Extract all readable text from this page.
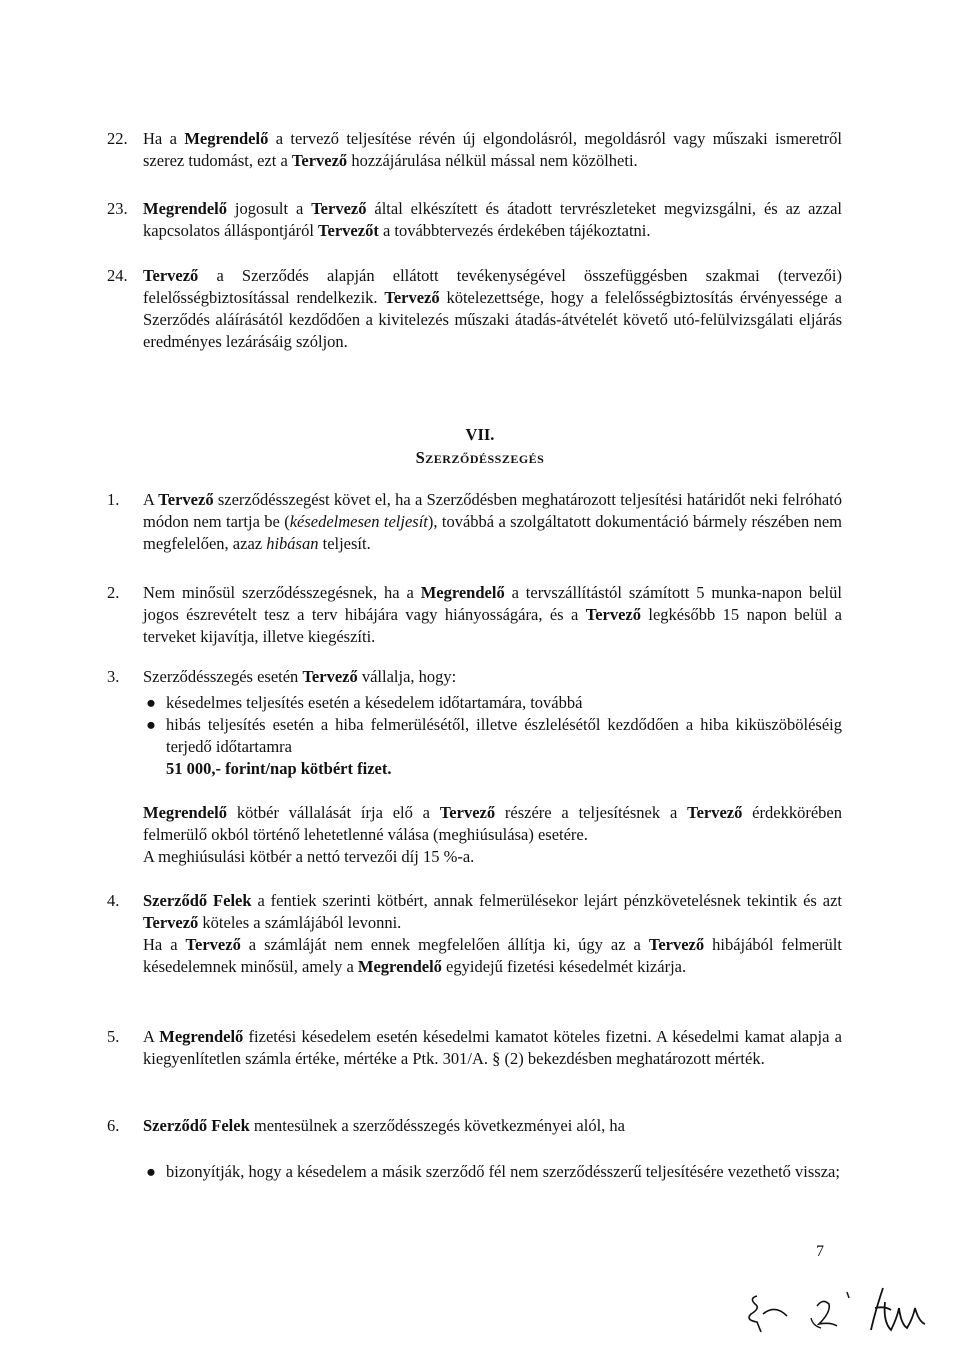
22. Ha a Megrendelő a tervező teljesítése révén új elgondolásról, megoldásról vagy műszaki ismeretről szerez tudomást, ezt a Tervező hozzájárulása nélkül mással nem közölheti.
23. Megrendelő jogosult a Tervező által elkészített és átadott tervrészleteket megvizsgálni, és az azzal kapcsolatos álláspontjáról Tervezőt a továbbtervezés érdekében tájékoztatni.
24. Tervező a Szerződés alapján ellátott tevékenységével összefüggésben szakmai (tervezői) felelősségbiztosítással rendelkezik. Tervező kötelezettsége, hogy a felelősségbiztosítás érvényessége a Szerződés aláírásától kezdődően a kivitelezés műszaki átadás-átvételét követő utó-felülvizsgálati eljárás eredményes lezárásáig szóljon.
VII.
Szerződésszegés
1. A Tervező szerződésszegést követ el, ha a Szerződésben meghatározott teljesítési határidőt neki felróható módon nem tartja be (késedelmesen teljesít), továbbá a szolgáltatott dokumentáció bármely részében nem megfelelően, azaz hibásan teljesít.
2. Nem minősül szerződésszegésnek, ha a Megrendelő a tervszállítástól számított 5 munka-napon belül jogos észrevételt tesz a terv hibájára vagy hiányosságára, és a Tervező legkésőbb 15 napon belül a terveket kijavítja, illetve kiegészíti.
3. Szerződésszegés esetén Tervező vállalja, hogy:

● késedelmes teljesítés esetén a késedelem időtartamára, továbbá
● hibás teljesítés esetén a hiba felmerülésétől, illetve észlelésétől kezdődően a hiba kiküszöböléséig terjedő időtartamra
51 000,- forint/nap kötbért fizet.

Megrendelő kötbér vállalását írja elő a Tervező részére a teljesítésnek a Tervező érdekkörében felmerülő okból történő lehetetlenné válása (meghiúsulása) esetére.

A meghiúsulási kötbér a nettó tervezői díj 15 %-a.

4. Szerződő Felek a fentiek szerinti kötbért, annak felmerülésekor lejárt pénzkövetelésnek tekintik és azt Tervező köteles a számlájából levonni.

Ha a Tervező a számláját nem ennek megfelelően állítja ki, úgy az a Tervező hibájából felmerült késedelemnek minősül, amely a Megrendelő egyidejű fizetési késedelmét kizárja.

5. A Megrendelő fizetési késedelem esetén késedelmi kamatot köteles fizetni. A késedelmi kamat alapja a kiegyenlítetlen számla értéke, mértéke a Ptk. 301/A. § (2) bekezdésben meghatározott mérték.
6. Szerződő Felek mentesülnek a szerződésszegés következményei alól, ha

● bizonyítják, hogy a késedelem a másik szerződő fél nem szerződésszerű teljesítésére vezethető vissza;
7
